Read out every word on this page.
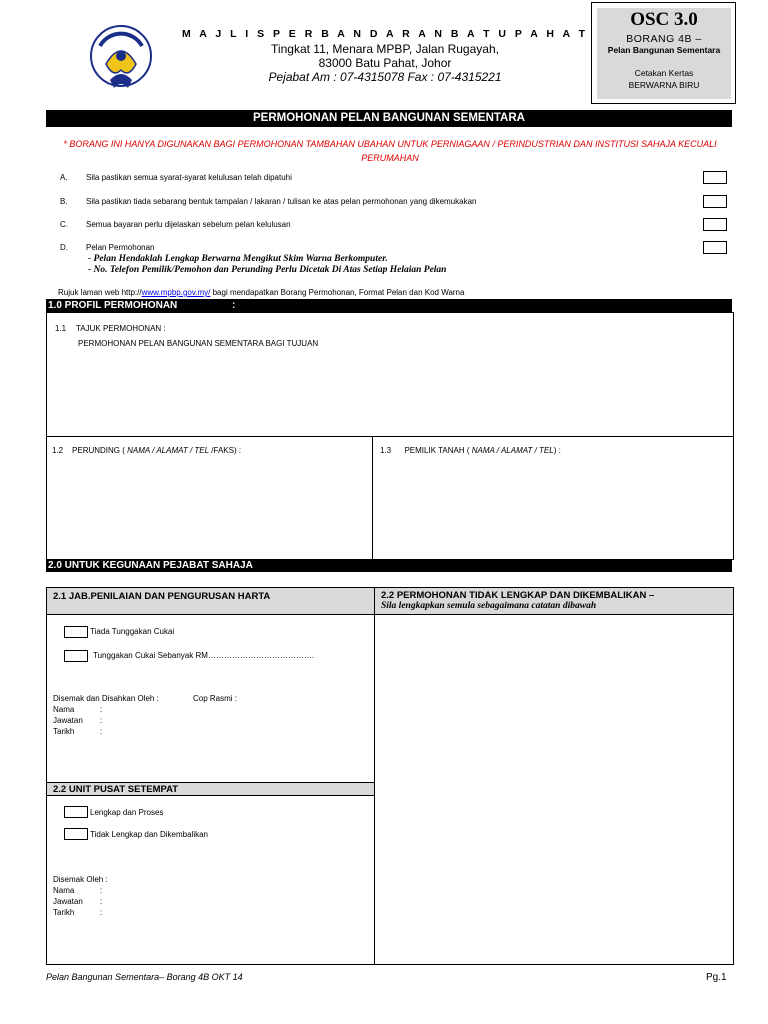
M A J L I S P E R B A N D A R A N B A T U P A H A T
Tingkat 11, Menara MPBP, Jalan Rugayah,
83000 Batu Pahat, Johor
Pejabat Am : 07-4315078 Fax : 07-4315221
OSC 3.0
BORANG 4B –
Pelan Bangunan Sementara
Cetakan Kertas
BERWARNA BIRU
PERMOHONAN PELAN BANGUNAN SEMENTARA
* BORANG INI HANYA DIGUNAKAN BAGI PERMOHONAN TAMBAHAN UBAHAN UNTUK PERNIAGAAN / PERINDUSTRIAN DAN INSTITUSI SAHAJA KECUALI PERUMAHAN
A. Sila pastikan semua syarat-syarat kelulusan telah dipatuhi
B. Sila pastikan tiada sebarang bentuk tampalan / lakaran / tulisan ke atas pelan permohonan yang dikemukakan
C. Semua bayaran perlu dijelaskan sebelum pelan kelulusan
D. Pelan Permohonan
- Pelan Hendaklah Lengkap Berwarna Mengikut Skim Warna Berkomputer.
- No. Telefon Pemilik/Pemohon dan Perunding Perlu Dicetak Di Atas Setiap Helaian Pelan
Rujuk laman web http://www.mpbp.gov.my/ bagi mendapatkan Borang Permohonan, Format Pelan dan Kod Warna
1.0 PROFIL PERMOHONAN	:
1.1 TAJUK PERMOHONAN :
PERMOHONAN PELAN BANGUNAN SEMENTARA BAGI TUJUAN
1.2 PERUNDING ( NAMA / ALAMAT / TEL /FAKS) :	1.3 PEMILIK TANAH ( NAMA / ALAMAT / TEL) :
2.0 UNTUK KEGUNAAN PEJABAT SAHAJA
2.1 JAB.PENILAIAN DAN PENGURUSAN HARTA	2.2 PERMOHONAN TIDAK LENGKAP DAN DIKEMBALIKAN –
Sila lengkapkan semula sebagaimana catatan dibawah
Tiada Tunggakan Cukai
Tunggakan Cukai Sebanyak RM………………………………….
Disemak dan Disahkan Oleh :	Cop Rasmi :
Nama	:
Jawatan :
Tarikh	:
2.2 UNIT PUSAT SETEMPAT
Lengkap dan Proses
Tidak Lengkap dan Dikembalikan
Disemak Oleh :
Nama	:
Jawatan :
Tarikh	:
Pelan Bangunan Sementara– Borang 4B OKT 14	Pg.1
